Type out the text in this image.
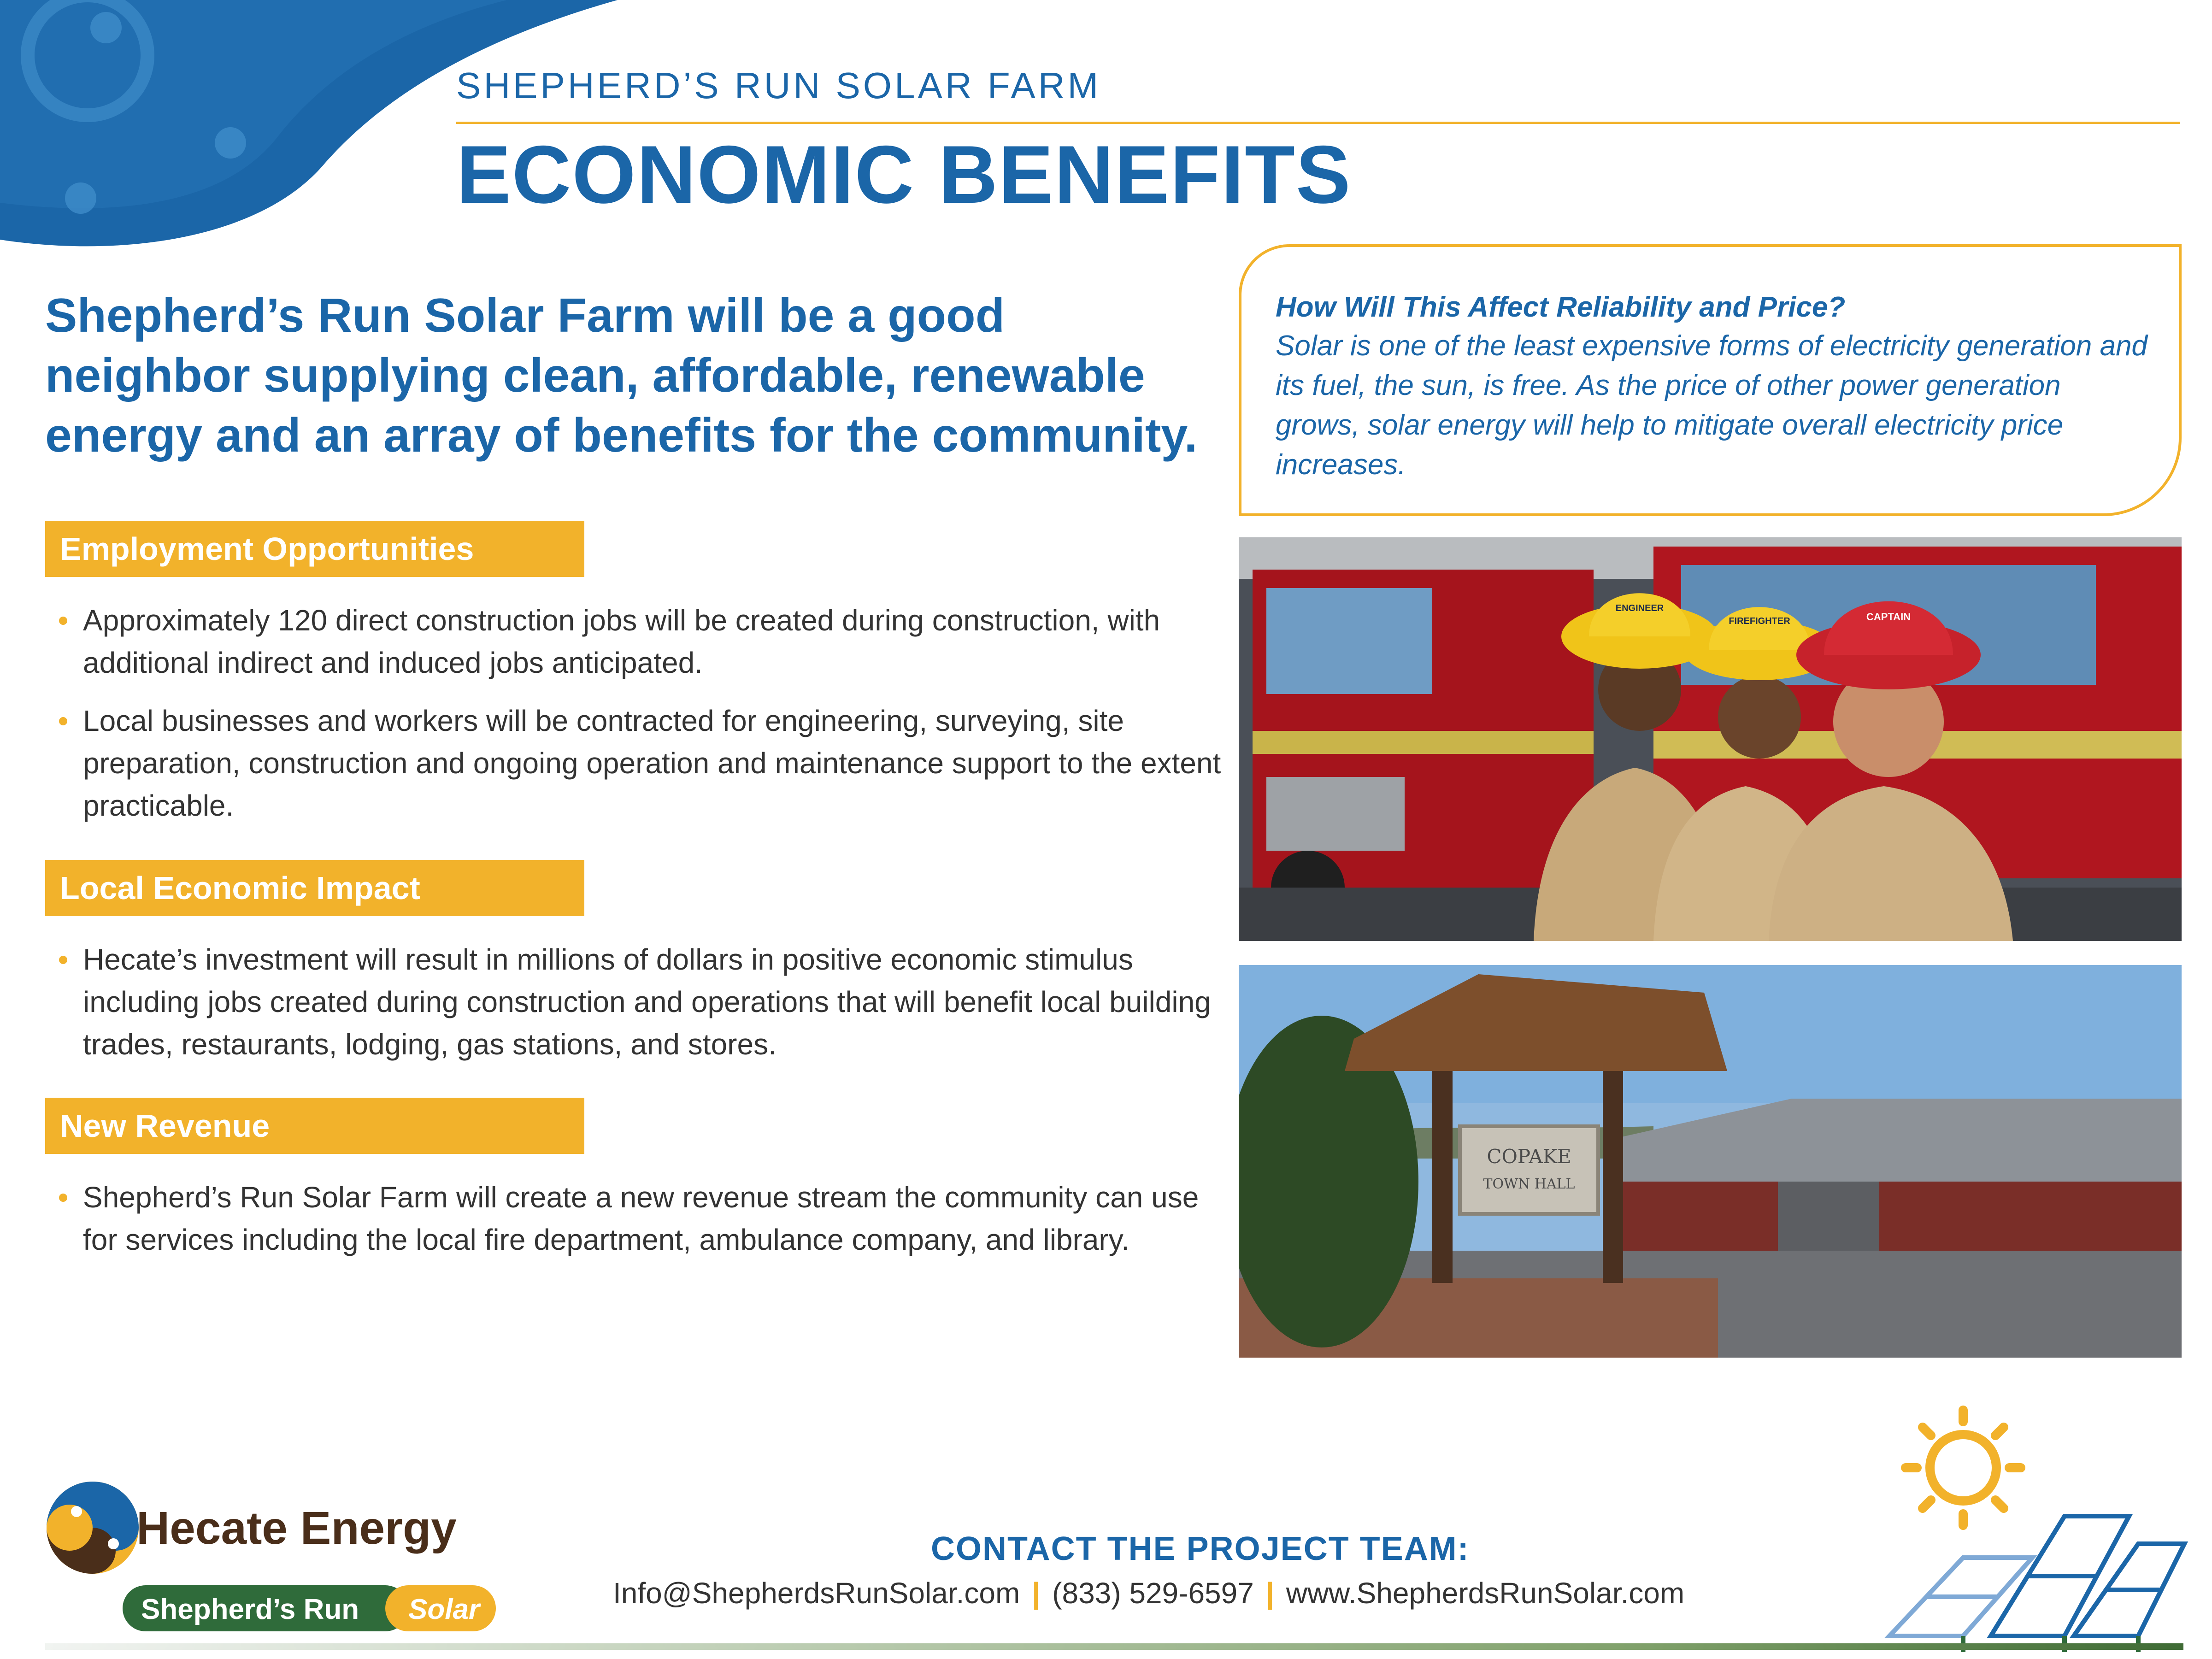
SHEPHERD’S RUN SOLAR FARM
ECONOMIC BENEFITS
Shepherd’s Run Solar Farm will be a good neighbor supplying clean, affordable, renewable energy and an array of benefits for the community.
Employment Opportunities
Approximately 120 direct construction jobs will be created during construction, with additional indirect and induced jobs anticipated.
Local businesses and workers will be contracted for engineering, surveying, site preparation, construction and ongoing operation and maintenance support to the extent practicable.
Local Economic Impact
Hecate’s investment will result in millions of dollars in positive economic stimulus including jobs created during construction and operations that will benefit local building trades, restaurants, lodging, gas stations, and stores.
New Revenue
Shepherd’s Run Solar Farm will create a new revenue stream the community can use for services including the local fire department, ambulance company, and library.
How Will This Affect Reliability and Price?
Solar is one of the least expensive forms of electricity generation and its fuel, the sun, is free. As the price of other power generation grows, solar energy will help to mitigate overall electricity price increases.
ENGINEER
FIREFIGHTER	CAPTAIN
COPAKE
TOWN HALL
Hecate Energy
Shepherd’s Run Solar
CONTACT THE PROJECT TEAM:
Info@ShepherdsRunSolar.com | (833) 529-6597 | www.ShepherdsRunSolar.com
